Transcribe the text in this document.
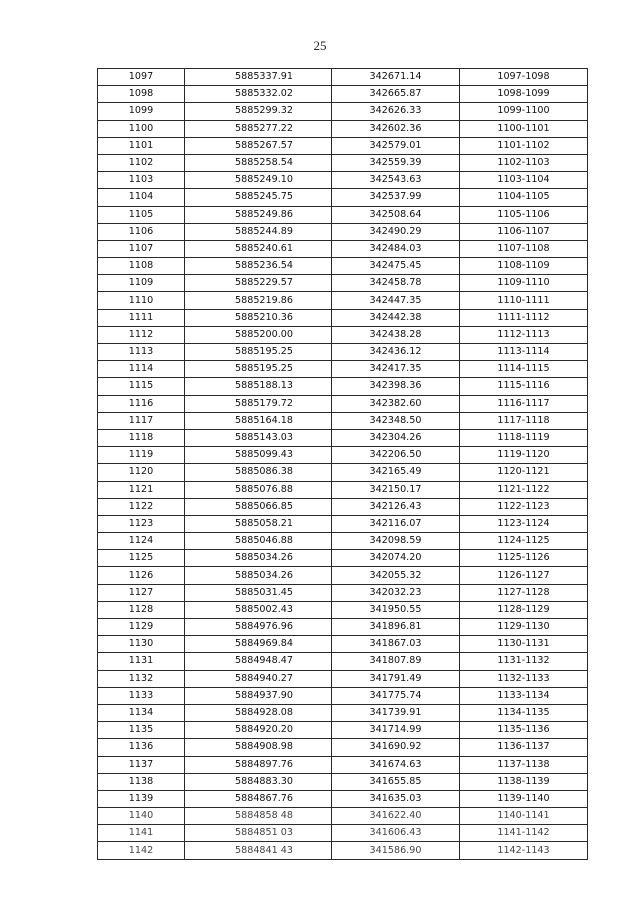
25
1097	5885337.91	342671.14	1097-1098
1098	5885332.02	342665.87	1098-1099
1099	5885299.32	342626.33	1099-1100
1100	5885277.22	342602.36	1100-1101
1101	5885267.57	342579.01	1101-1102
1102	5885258.54	342559.39	1102-1103
1103	5885249.10	342543.63	1103-1104
1104	5885245.75	342537.99	1104-1105
1105	5885249.86	342508.64	1105-1106
1106	5885244.89	342490.29	1106-1107
1107	5885240.61	342484.03	1107-1108
1108	5885236.54	342475.45	1108-1109
1109	5885229.57	342458.78	1109-1110
1110	5885219.86	342447.35	1110-1111
1111	5885210.36	342442.38	1111-1112
1112	5885200.00	342438.28	1112-1113
1113	5885195.25	342436.12	1113-1114
1114	5885195.25	342417.35	1114-1115
1115	5885188.13	342398.36	1115-1116
1116	5885179.72	342382.60	1116-1117
1117	5885164.18	342348.50	1117-1118
1118	5885143.03	342304.26	1118-1119
1119	5885099.43	342206.50	1119-1120
1120	5885086.38	342165.49	1120-1121
1121	5885076.88	342150.17	1121-1122
1122	5885066.85	342126.43	1122-1123
1123	5885058.21	342116.07	1123-1124
1124	5885046.88	342098.59	1124-1125
1125	5885034.26	342074.20	1125-1126
1126	5885034.26	342055.32	1126-1127
1127	5885031.45	342032.23	1127-1128
1128	5885002.43	341950.55	1128-1129
1129	5884976.96	341896.81	1129-1130
1130	5884969.84	341867.03	1130-1131
1131	5884948.47	341807.89	1131-1132
1132	5884940.27	341791.49	1132-1133
1133	5884937.90	341775.74	1133-1134
1134	5884928.08	341739.91	1134-1135
1135	5884920.20	341714.99	1135-1136
1136	5884908.98	341690.92	1136-1137
1137	5884897.76	341674.63	1137-1138
1138	5884883.30	341655.85	1138-1139
1139	5884867.76	341635.03	1139-1140
1140	5884858 48	341622.40	1140-1141
1141	5884851 03	341606.43	1141-1142
1142	5884841 43	341586.90	1142-1143
